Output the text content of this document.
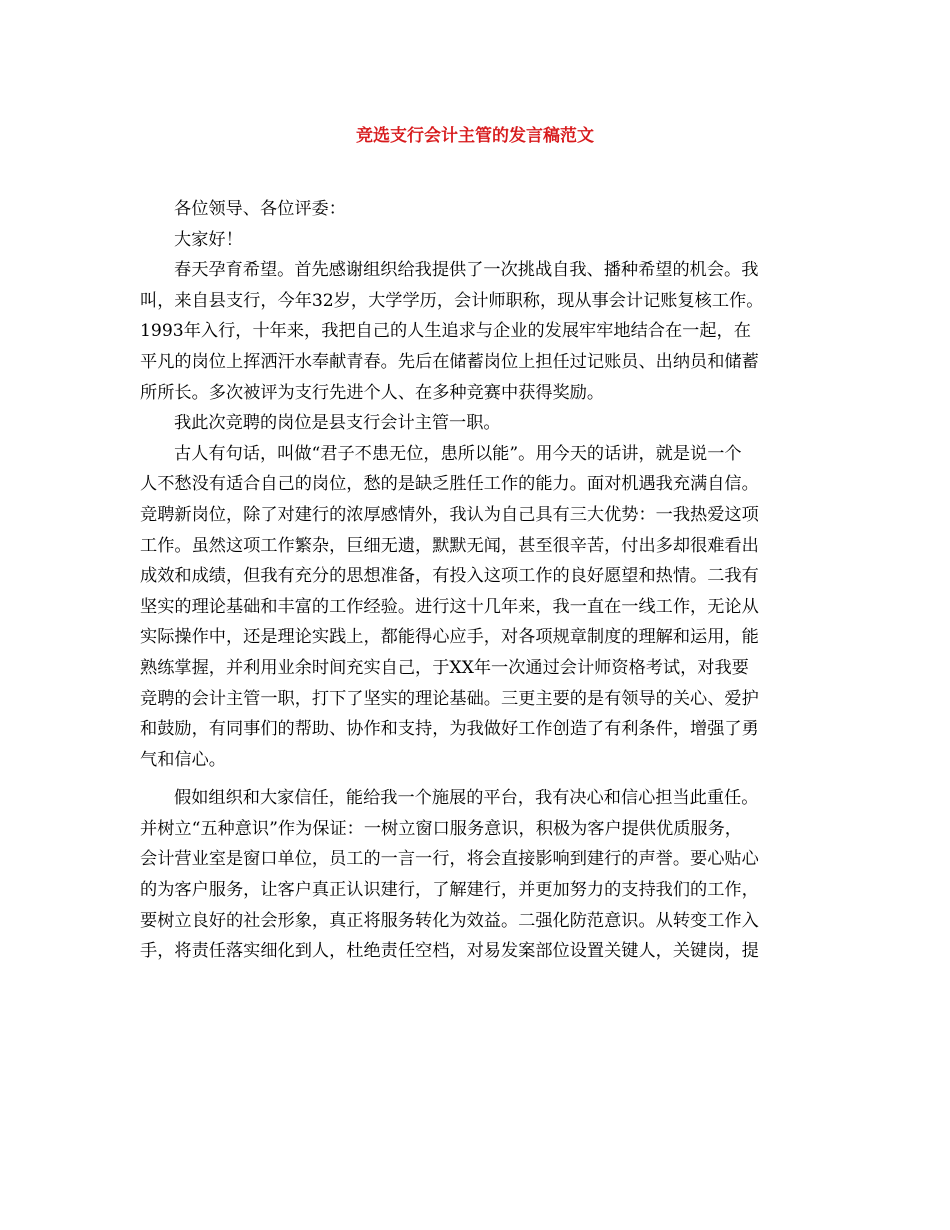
竞选支行会计主管的发言稿范文
各位领导、各位评委：
大家好！
春天孕育希望。首先感谢组织给我提供了一次挑战自我、播种希望的机会。我
叫，来自县支行，今年32岁，大学学历，会计师职称，现从事会计记账复核工作。
1993年入行，十年来，我把自己的人生追求与企业的发展牢牢地结合在一起，在
平凡的岗位上挥洒汗水奉献青春。先后在储蓄岗位上担任过记账员、出纳员和储蓄
所所长。多次被评为支行先进个人、在多种竞赛中获得奖励。
我此次竞聘的岗位是县支行会计主管一职。
古人有句话，叫做“君子不患无位，患所以能”。用今天的话讲，就是说一个
人不愁没有适合自己的岗位，愁的是缺乏胜任工作的能力。面对机遇我充满自信。
竞聘新岗位，除了对建行的浓厚感情外，我认为自己具有三大优势：一我热爱这项
工作。虽然这项工作繁杂，巨细无遗，默默无闻，甚至很辛苦，付出多却很难看出
成效和成绩，但我有充分的思想准备，有投入这项工作的良好愿望和热情。二我有
坚实的理论基础和丰富的工作经验。进行这十几年来，我一直在一线工作，无论从
实际操作中，还是理论实践上，都能得心应手，对各项规章制度的理解和运用，能
熟练掌握，并利用业余时间充实自己，于XX年一次通过会计师资格考试，对我要
竞聘的会计主管一职，打下了坚实的理论基础。三更主要的是有领导的关心、爱护
和鼓励，有同事们的帮助、协作和支持，为我做好工作创造了有利条件，增强了勇
气和信心。
假如组织和大家信任，能给我一个施展的平台，我有决心和信心担当此重任。
并树立“五种意识”作为保证：一树立窗口服务意识，积极为客户提供优质服务，
会计营业室是窗口单位，员工的一言一行，将会直接影响到建行的声誉。要心贴心
的为客户服务，让客户真正认识建行，了解建行，并更加努力的支持我们的工作，
要树立良好的社会形象，真正将服务转化为效益。二强化防范意识。从转变工作入
手，将责任落实细化到人，杜绝责任空档，对易发案部位设置关键人，关键岗，提
